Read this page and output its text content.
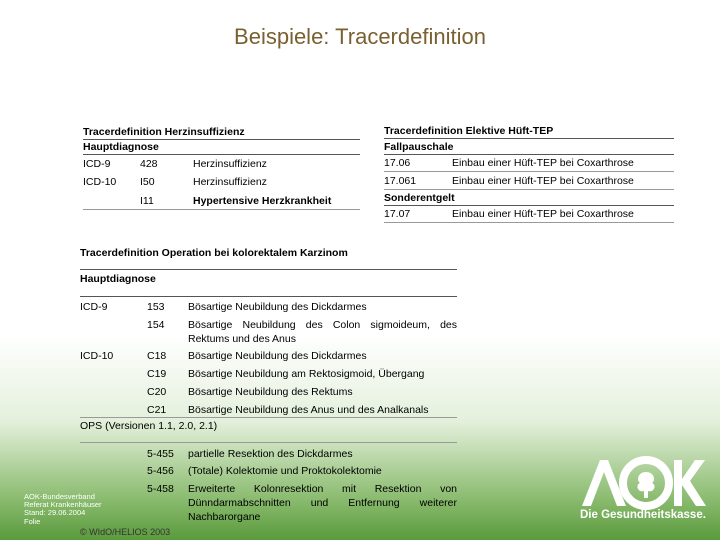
Beispiele: Tracerdefinition
Tracerdefinition Herzinsuffizienz
Hauptdiagnose
ICD-9	428	Herzinsuffizienz
ICD-10 I50	Herzinsuffizienz
I11	Hypertensive Herzkrankheit
Tracerdefinition Elektive Hüft-TEP
Fallpauschale
17.06	Einbau einer Hüft-TEP bei Coxarthrose
17.061	Einbau einer Hüft-TEP bei Coxarthrose
Sonderentgelt
17.07	Einbau einer Hüft-TEP bei Coxarthrose
Tracerdefinition Operation bei kolorektalem Karzinom
Hauptdiagnose
ICD-9	153 Bösartige Neubildung des Dickdarmes
154 Bösartige Neubildung des Colon sigmoideum, des Rektums und des Anus
ICD-10	C18 Bösartige Neubildung des Dickdarmes
C19 Bösartige Neubildung am Rektosigmoid, Übergang
C20 Bösartige Neubildung des Rektums
C21 Bösartige Neubildung des Anus und des Analkanals
OPS (Versionen 1.1, 2.0, 2.1)
5-455 partielle Resektion des Dickdarmes
5-456 (Totale) Kolektomie und Proktokolektomie
5-458 Erweiterte Kolonresektion mit Resektion von Dünndarmabschnitten und Entfernung weiterer Nachbarorgane
© WIdO/HELIOS 2003
AOK-Bundesverband
Referat Krankenhäuser
Stand: 29.06.2004
Folie
Die Gesundheitskasse.
